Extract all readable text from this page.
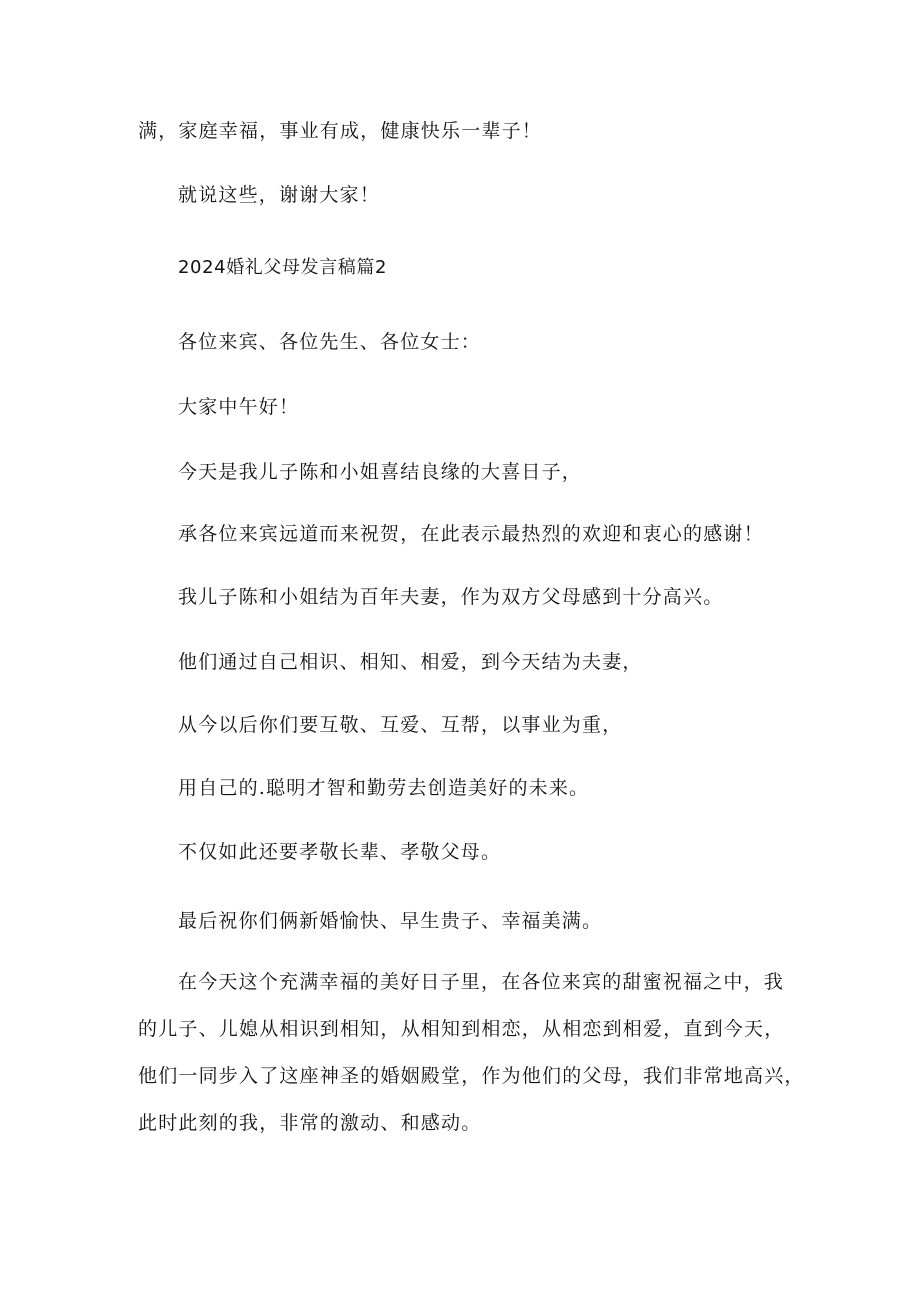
满，家庭幸福，事业有成，健康快乐一辈子！
就说这些，谢谢大家！
2024婚礼父母发言稿篇2
各位来宾、各位先生、各位女士：
大家中午好！
今天是我儿子陈和小姐喜结良缘的大喜日子，
承各位来宾远道而来祝贺，在此表示最热烈的欢迎和衷心的感谢！
我儿子陈和小姐结为百年夫妻，作为双方父母感到十分高兴。
他们通过自己相识、相知、相爱，到今天结为夫妻，
从今以后你们要互敬、互爱、互帮，以事业为重，
用自己的.聪明才智和勤劳去创造美好的未来。
不仅如此还要孝敬长辈、孝敬父母。
最后祝你们俩新婚愉快、早生贵子、幸福美满。
在今天这个充满幸福的美好日子里，在各位来宾的甜蜜祝福之中，我
的儿子、儿媳从相识到相知，从相知到相恋，从相恋到相爱，直到今天，
他们一同步入了这座神圣的婚姻殿堂，作为他们的父母，我们非常地高兴，
此时此刻的我，非常的激动、和感动。
